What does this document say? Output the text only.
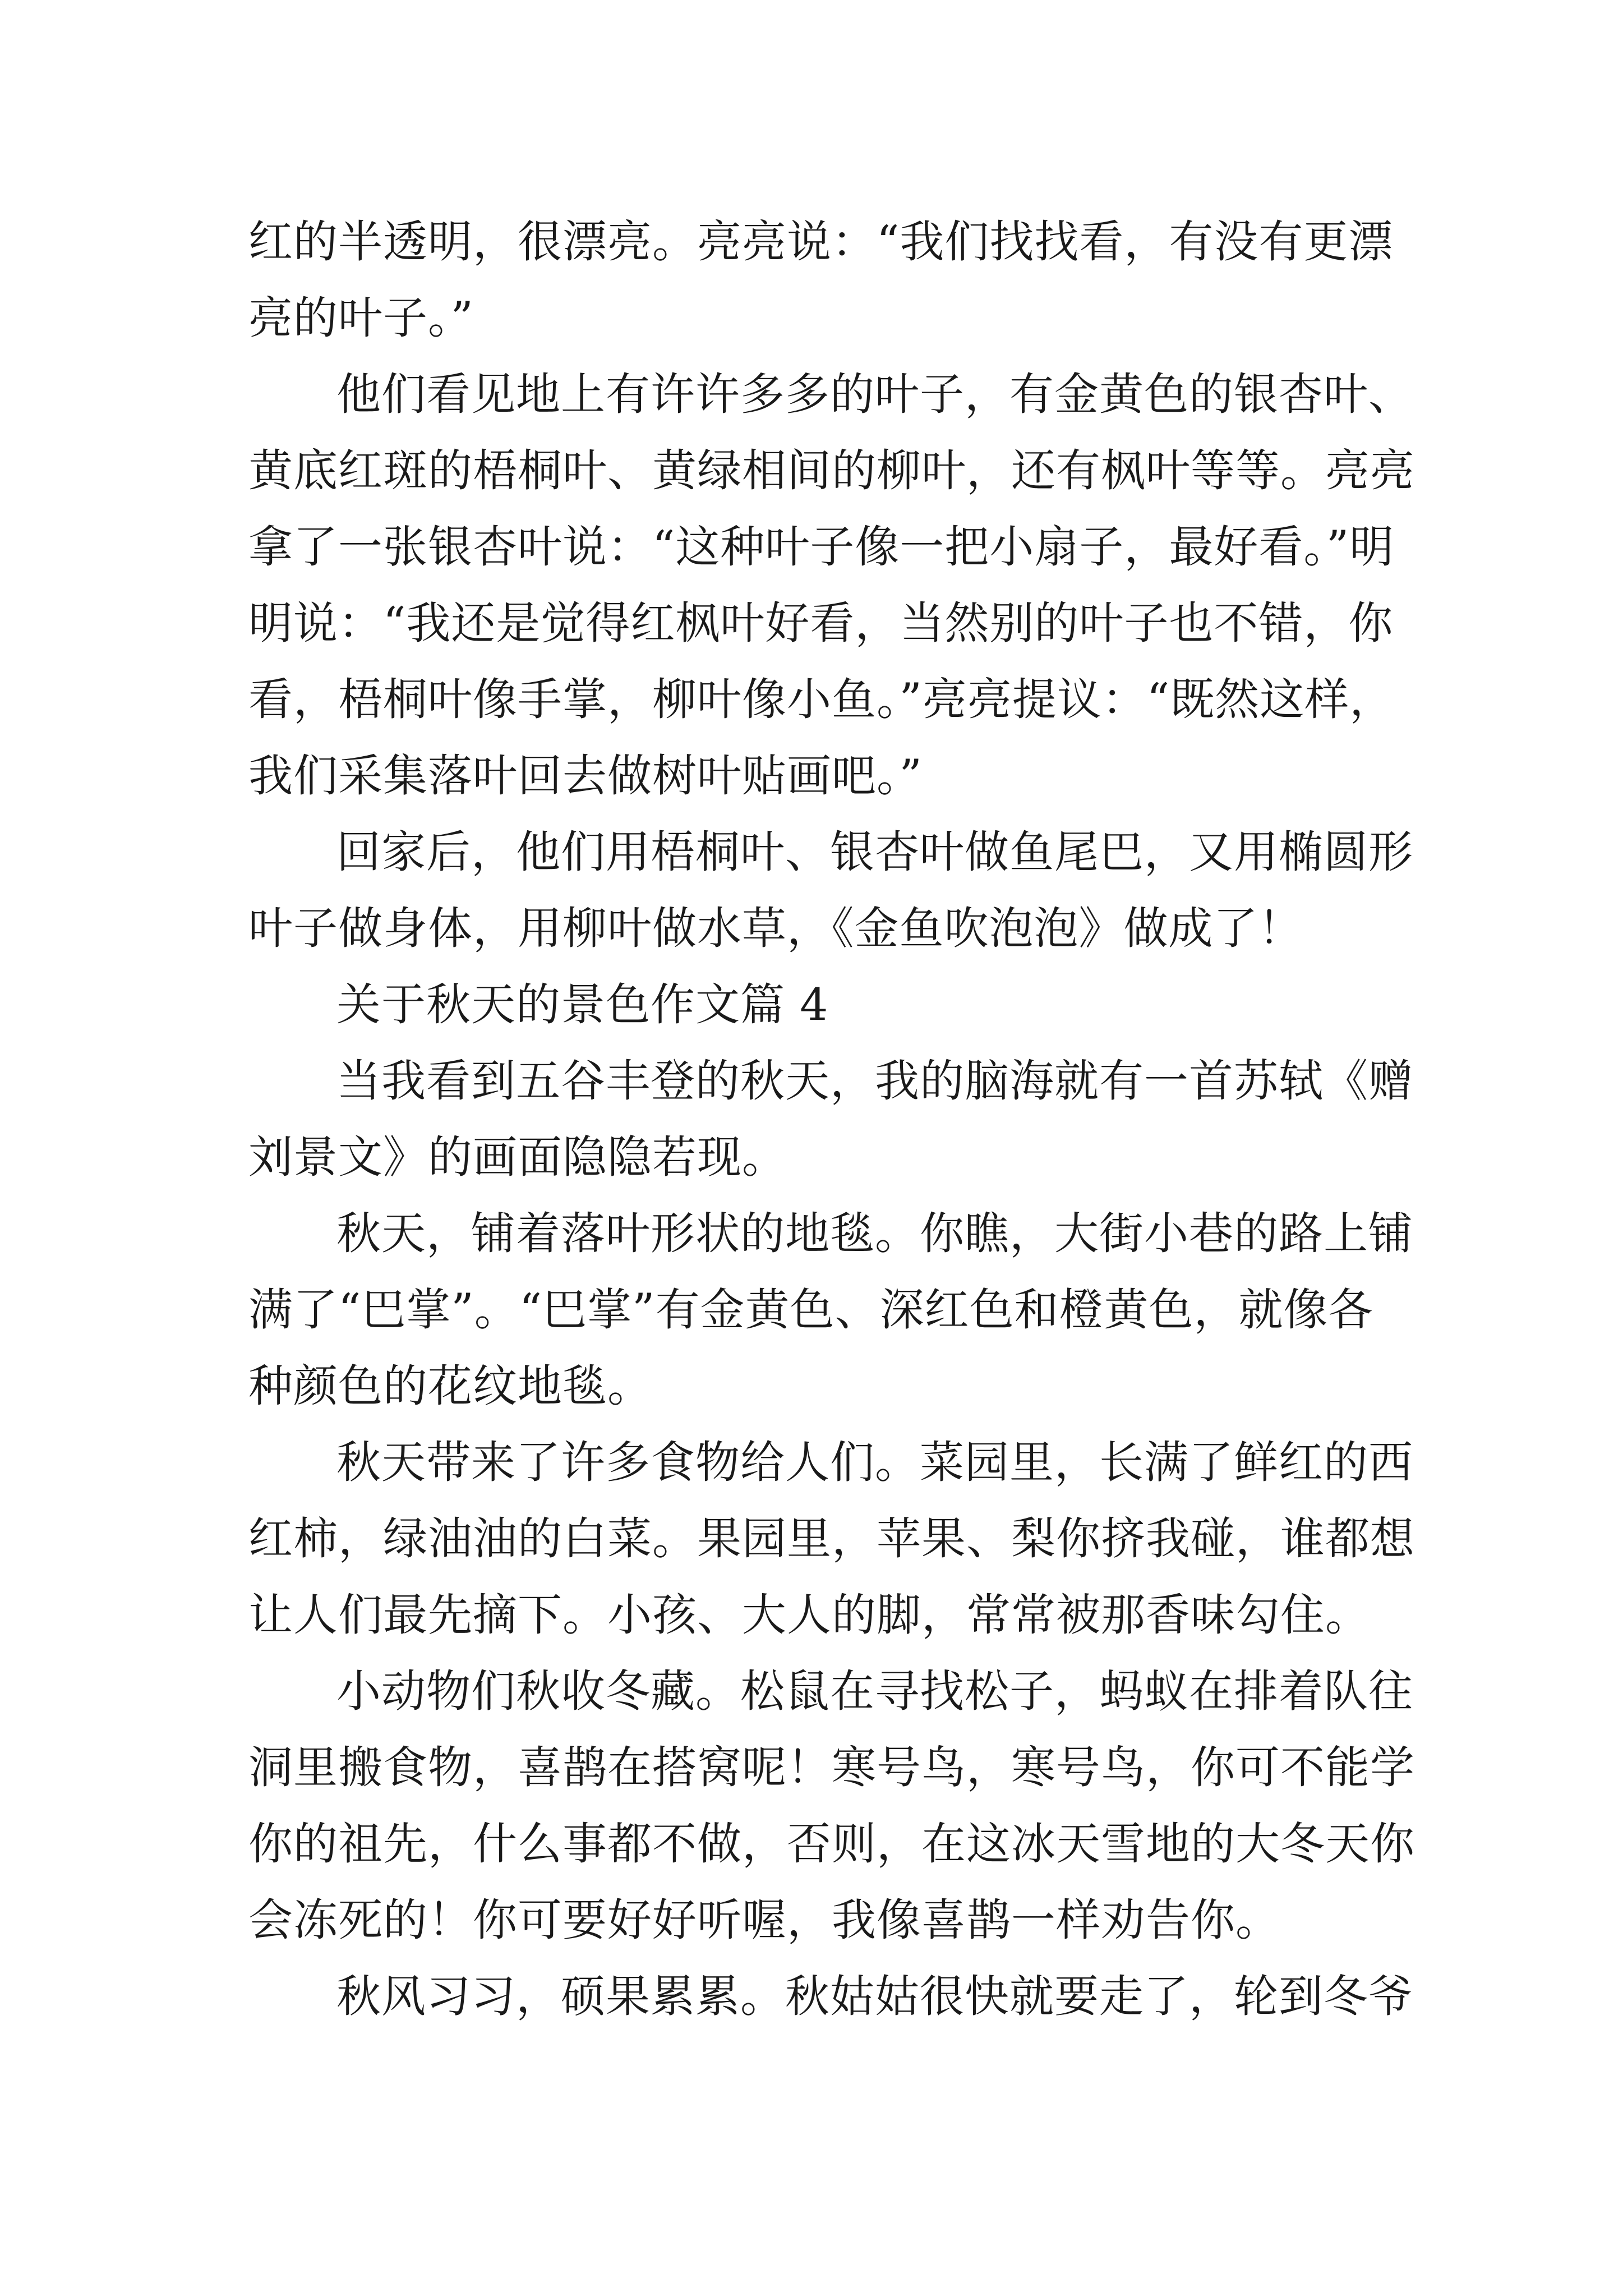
红的半透明，很漂亮。亮亮说：“我们找找看，有没有更漂
亮的叶子。”
他们看见地上有许许多多的叶子，有金黄色的银杏叶、
黄底红斑的梧桐叶、黄绿相间的柳叶，还有枫叶等等。亮亮
拿了一张银杏叶说：“这种叶子像一把小扇子，最好看。”明
明说：“我还是觉得红枫叶好看，当然别的叶子也不错，你
看，梧桐叶像手掌，柳叶像小鱼。”亮亮提议：“既然这样，
我们采集落叶回去做树叶贴画吧。”
回家后，他们用梧桐叶、银杏叶做鱼尾巴，又用椭圆形
叶子做身体，用柳叶做水草，《金鱼吹泡泡》做成了！
关于秋天的景色作文篇 4
当我看到五谷丰登的秋天，我的脑海就有一首苏轼《赠
刘景文》的画面隐隐若现。
秋天，铺着落叶形状的地毯。你瞧，大街小巷的路上铺
满了“巴掌”。“巴掌”有金黄色、深红色和橙黄色，就像各
种颜色的花纹地毯。
秋天带来了许多食物给人们。菜园里，长满了鲜红的西
红柿，绿油油的白菜。果园里，苹果、梨你挤我碰，谁都想
让人们最先摘下。小孩、大人的脚，常常被那香味勾住。
小动物们秋收冬藏。松鼠在寻找松子，蚂蚁在排着队往
洞里搬食物，喜鹊在搭窝呢！寒号鸟，寒号鸟，你可不能学
你的祖先，什么事都不做，否则，在这冰天雪地的大冬天你
会冻死的！你可要好好听喔，我像喜鹊一样劝告你。
秋风习习，硕果累累。秋姑姑很快就要走了，轮到冬爷
